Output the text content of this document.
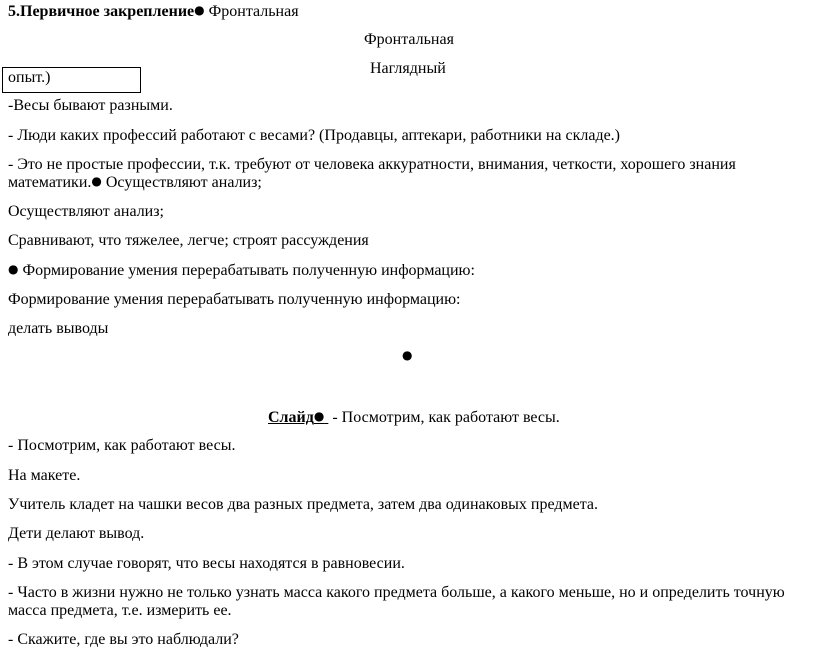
5.Первичное закрепление● Фронтальная
Фронтальная
Наглядный
опыт.)
-Весы бывают разными.
- Люди каких профессий работают с весами? (Продавцы, аптекари, работники на складе.)
- Это не простые профессии, т.к. требуют от человека аккуратности, внимания, четкости, хорошего знания
математики.● Осуществляют анализ;
Осуществляют анализ;
Сравнивают, что тяжелее, легче; строят рассуждения
● Формирование умения перерабатывать полученную информацию:
Формирование умения перерабатывать полученную информацию:
делать выводы
●
Слайд●  - Посмотрим, как работают весы.
- Посмотрим, как работают весы.
На макете.
Учитель кладет на чашки весов два разных предмета, затем два одинаковых предмета.
Дети делают вывод.
- В этом случае говорят, что весы находятся в равновесии.
- Часто в жизни нужно не только узнать масса какого предмета больше, а какого меньше, но и определить точную
масса предмета, т.е. измерить ее.
- Скажите, где вы это наблюдали?
